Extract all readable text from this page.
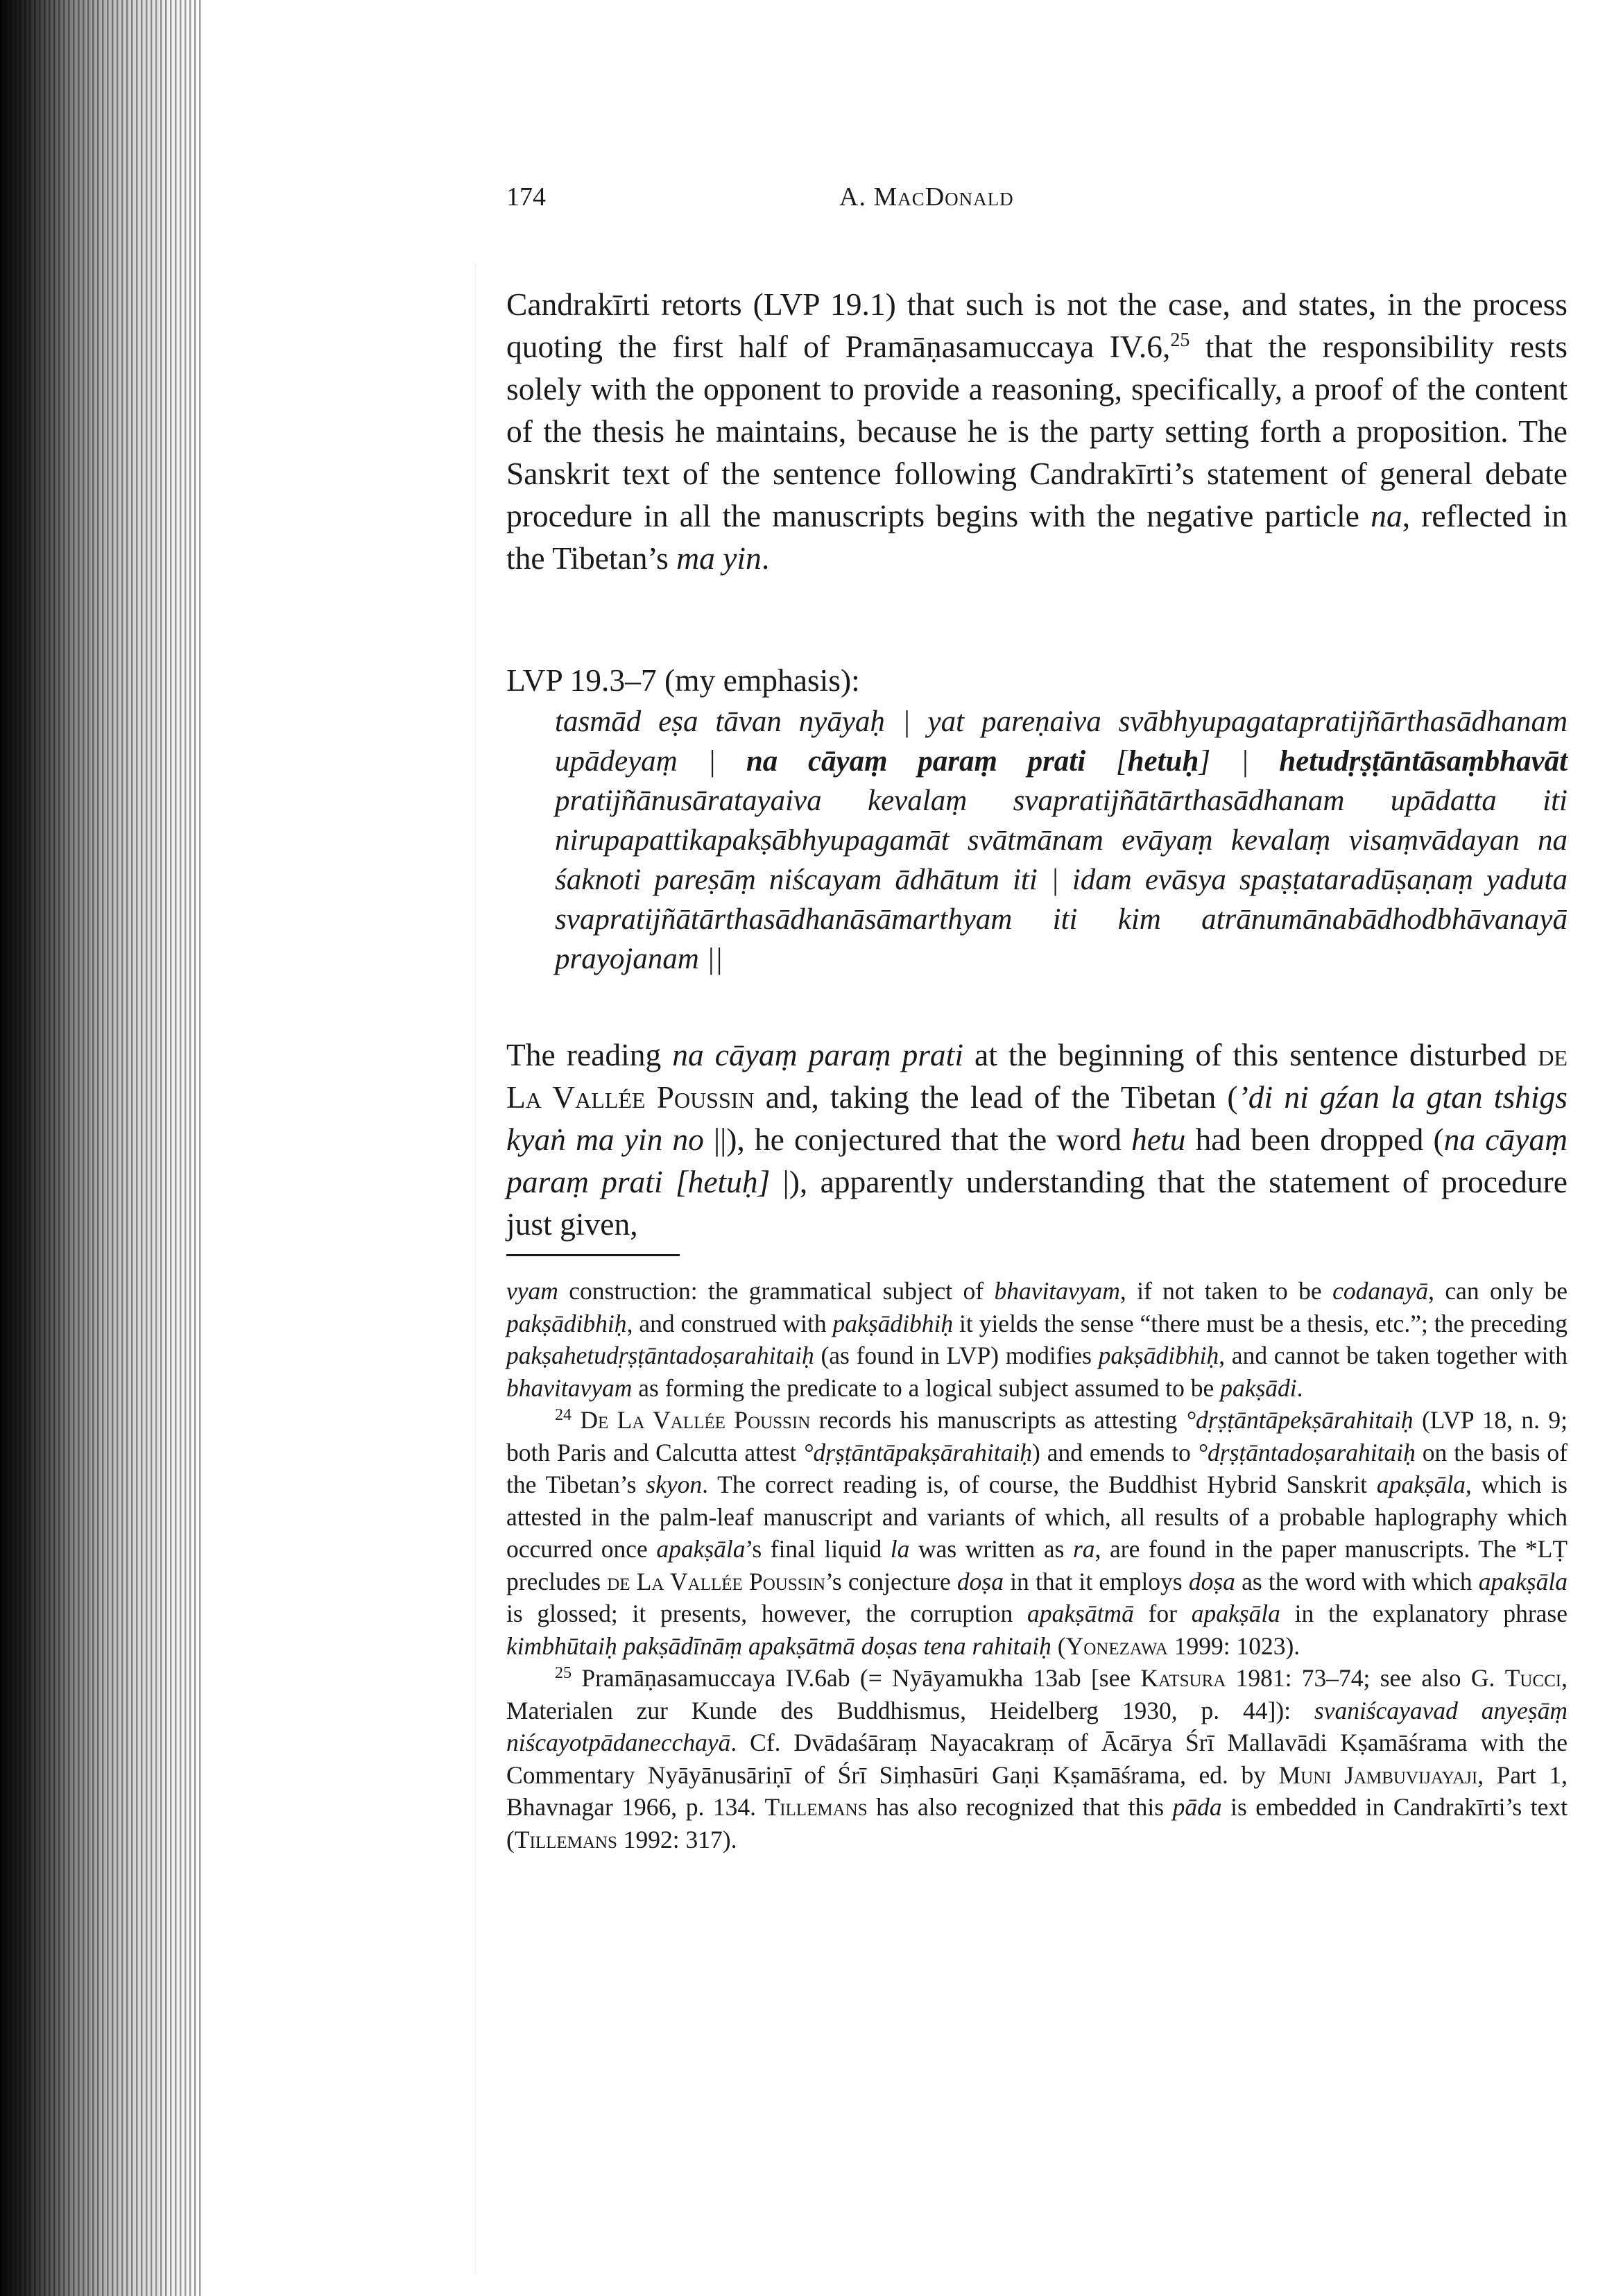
174	A. MacDonald

Candrakīrti retorts (LVP 19.1) that such is not the case, and states, in the process quoting the first half of Pramāṇasamuccaya IV.6,25 that the responsibility rests solely with the opponent to provide a reasoning, specifically, a proof of the content of the thesis he maintains, because he is the party setting forth a proposition. The Sanskrit text of the sentence following Candrakīrti’s statement of general debate procedure in all the manuscripts begins with the negative particle na, reflected in the Tibetan’s ma yin.

LVP 19.3–7 (my emphasis):

tasmād eṣa tāvan nyāyaḥ | yat pareṇaiva svābhyupagatapratijñārthasādhanam upādeyaṃ | na cāyaṃ paraṃ prati [hetuḥ] | hetudṛṣṭāntāsaṃbhavāt pratijñānusāratayaiva kevalaṃ svapratijñātārthasādhanam upādatta iti nirupapattikapakṣābhyupagamāt svātmānam evāyaṃ kevalaṃ visaṃvādayan na śaknoti pareṣāṃ niścayam ādhātum iti | idam evāsya spaṣṭataradūṣaṇaṃ yaduta svapratijñātārthasādhanāsāmarthyam iti kim atrānumānabādhodbhāvanayā prayojanam ||

The reading na cāyaṃ paraṃ prati at the beginning of this sentence disturbed de La Vallée Poussin and, taking the lead of the Tibetan (’di ni gźan la gtan tshigs kyaṅ ma yin no ||), he conjectured that the word hetu had been dropped (na cāyaṃ paraṃ prati [hetuḥ] |), apparently understanding that the statement of procedure just given,

vyam construction: the grammatical subject of bhavitavyam, if not taken to be codanayā, can only be pakṣādibhiḥ, and construed with pakṣādibhiḥ it yields the sense “there must be a thesis, etc.”; the preceding pakṣahetudṛṣṭāntadoṣarahitaiḥ (as found in LVP) modifies pakṣādibhiḥ, and cannot be taken together with bhavitavyam as forming the predicate to a logical subject assumed to be pakṣādi.

$^{24}$ De La Vallée Poussin records his manuscripts as attesting °dṛṣṭāntāpekṣārahitaiḥ (LVP 18, n. 9; both Paris and Calcutta attest °dṛṣṭāntāpakṣārahitaiḥ) and emends to °dṛṣṭāntadoṣarahitaiḥ on the basis of the Tibetan’s skyon. The correct reading is, of course, the Buddhist Hybrid Sanskrit apakṣāla, which is attested in the palm-leaf manuscript and variants of which, all results of a probable haplography which occurred once apakṣāla’s final liquid la was written as ra, are found in the paper manuscripts. The *LṬ precludes de La Vallée Poussin’s conjecture doṣa in that it employs doṣa as the word with which apakṣāla is glossed; it presents, however, the corruption apakṣātmā for apakṣāla in the explanatory phrase kimbhūtaiḥ pakṣādīnāṃ apakṣātmā doṣas tena rahitaiḥ (Yonezawa 1999: 1023).

$^{25}$ Pramāṇasamuccaya IV.6ab (= Nyāyamukha 13ab [see Katsura 1981: 73–74; see also G. Tucci, Materialen zur Kunde des Buddhismus, Heidelberg 1930, p. 44]): svaniścayavad anyeṣāṃ niścayotpādanecchayā. Cf. Dvādaśāraṃ Nayacakraṃ of Ācārya Śrī Mallavādi Kṣamāśrama with the Commentary Nyāyānusāriṇī of Śrī Siṃhasūri Gaṇi Kṣamāśrama, ed. by Muni Jambuvijayaji, Part 1, Bhavnagar 1966, p. 134. Tillemans has also recognized that this pāda is embedded in Candrakīrti’s text (Tillemans 1992: 317).
